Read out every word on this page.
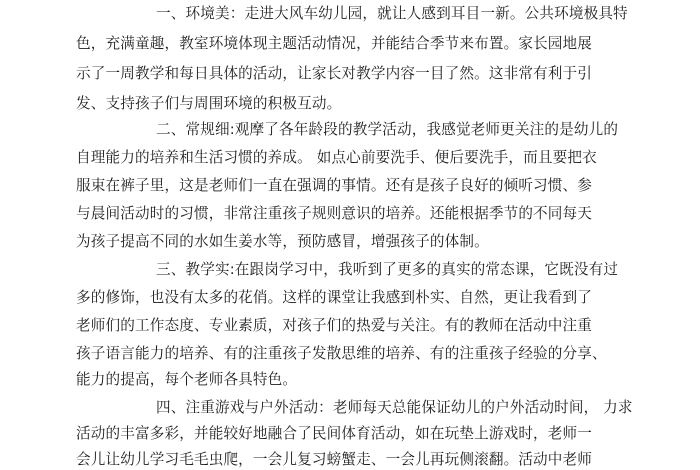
一、环境美：走进大风车幼儿园，就让人感到耳目一新。公共环境极具特
色，充满童趣，教室环境体现主题活动情况，并能结合季节来布置。家长园地展
示了一周教学和每日具体的活动，让家长对教学内容一目了然。这非常有利于引
发、支持孩子们与周围环境的积极互动。
二、常规细:观摩了各年龄段的教学活动，我感觉老师更关注的是幼儿的
自理能力的培养和生活习惯的养成。 如点心前要洗手、便后要洗手，而且要把衣
服束在裤子里，这是老师们一直在强调的事情。还有是孩子良好的倾听习惯、参
与晨间活动时的习惯，非常注重孩子规则意识的培养。还能根据季节的不同每天
为孩子提高不同的水如生姜水等，预防感冒，增强孩子的体制。
三、教学实:在跟岗学习中，我听到了更多的真实的常态课，它既没有过
多的修饰，也没有太多的花俏。这样的课堂让我感到朴实、自然，更让我看到了
老师们的工作态度、专业素质，对孩子们的热爱与关注。有的教师在活动中注重
孩子语言能力的培养、有的注重孩子发散思维的培养、有的注重孩子经验的分享、
能力的提高，每个老师各具特色。
四、注重游戏与户外活动：老师每天总能保证幼儿的户外活动时间， 力求
活动的丰富多彩，并能较好地融合了民间体育活动，如在玩垫上游戏时，老师一
会儿让幼儿学习毛毛虫爬，一会儿复习螃蟹走、一会儿再玩侧滚翻。活动中老师
